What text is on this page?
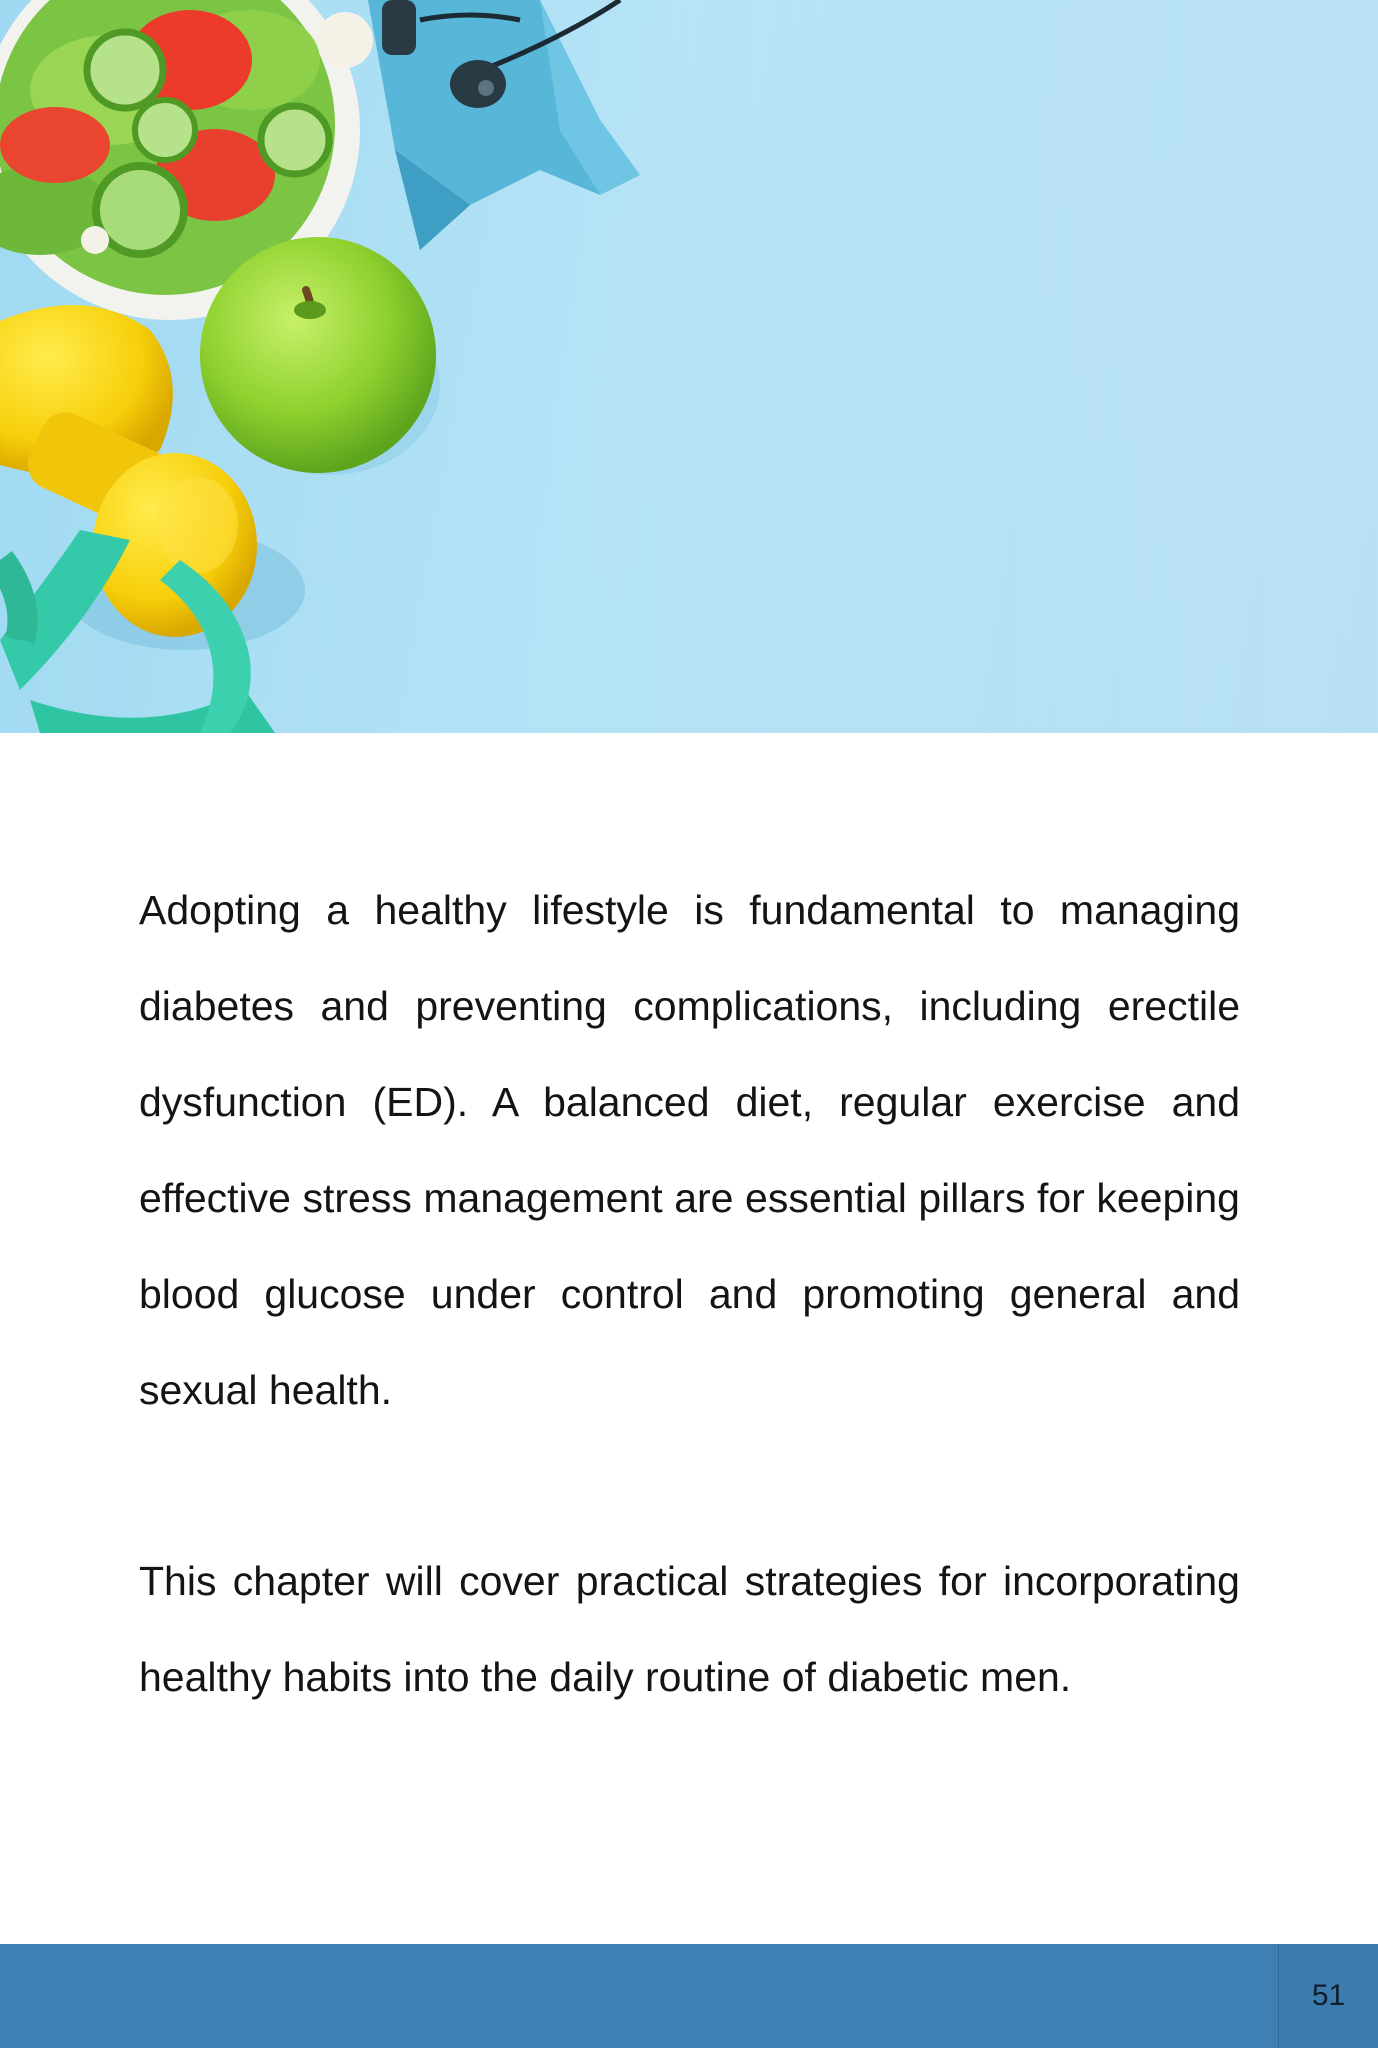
Adopting a healthy lifestyle is fundamental to managing diabetes and preventing complications, including erectile dysfunction (ED). A balanced diet, regular exercise and effective stress management are essential pillars for keeping blood glucose under control and promoting general and sexual health.

This chapter will cover practical strategies for incorporating healthy habits into the daily routine of diabetic men.

51
